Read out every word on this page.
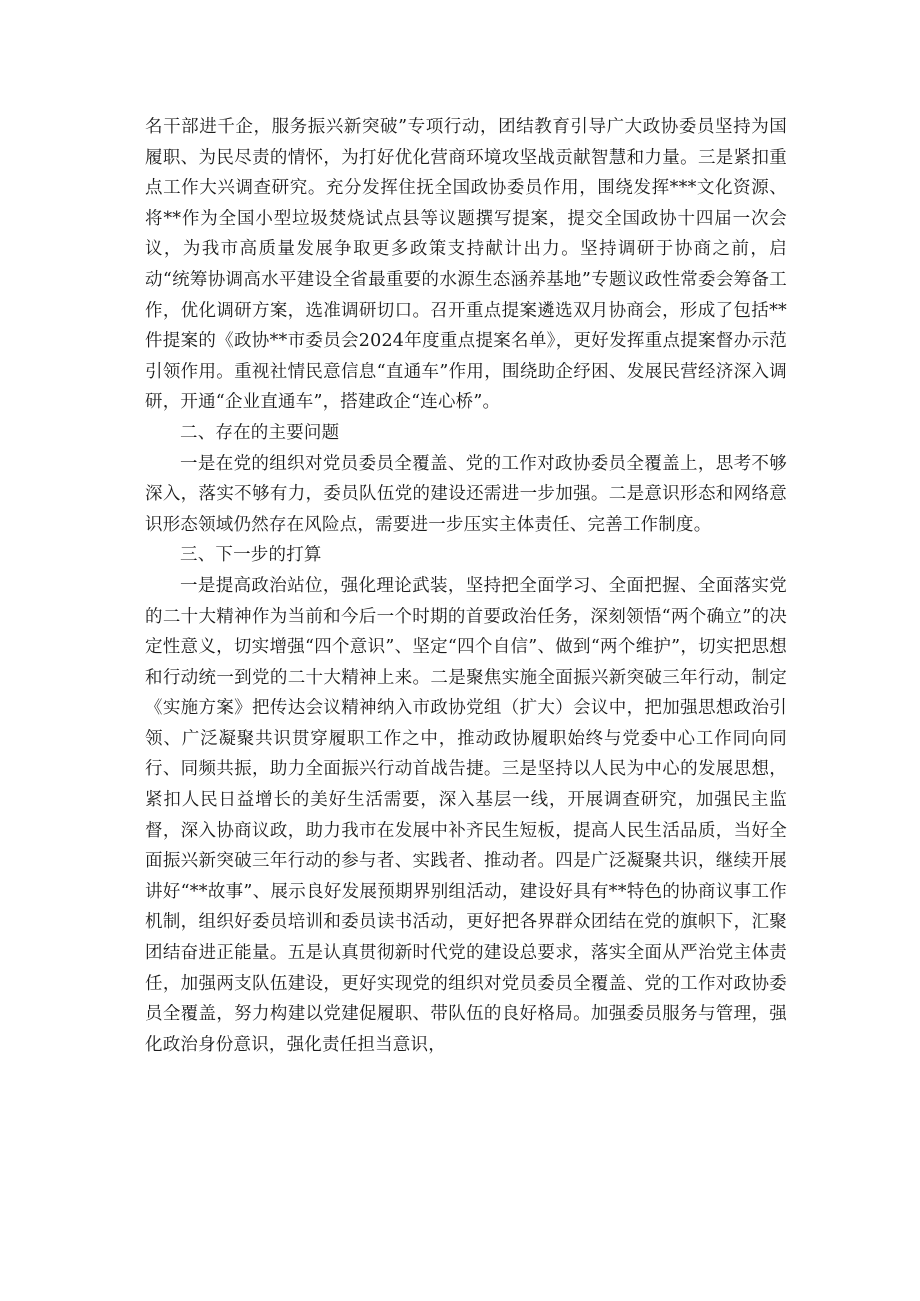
名干部进千企，服务振兴新突破”专项行动，团结教育引导广大政协委员坚持为国履职、为民尽责的情怀，为打好优化营商环境攻坚战贡献智慧和力量。三是紧扣重点工作大兴调查研究。充分发挥住抚全国政协委员作用，围绕发挥***文化资源、将**作为全国小型垃圾焚烧试点县等议题撰写提案，提交全国政协十四届一次会议，为我市高质量发展争取更多政策支持献计出力。坚持调研于协商之前，启动“统筹协调高水平建设全省最重要的水源生态涵养基地”专题议政性常委会筹备工作，优化调研方案，选准调研切口。召开重点提案遴选双月协商会，形成了包括**件提案的《政协**市委员会2024年度重点提案名单》，更好发挥重点提案督办示范引领作用。重视社情民意信息“直通车”作用，围绕助企纾困、发展民营经济深入调研，开通“企业直通车”，搭建政企“连心桥”。

二、存在的主要问题

一是在党的组织对党员委员全覆盖、党的工作对政协委员全覆盖上，思考不够深入，落实不够有力，委员队伍党的建设还需进一步加强。二是意识形态和网络意识形态领域仍然存在风险点，需要进一步压实主体责任、完善工作制度。

三、下一步的打算

一是提高政治站位，强化理论武装，坚持把全面学习、全面把握、全面落实党的二十大精神作为当前和今后一个时期的首要政治任务，深刻领悟“两个确立”的决定性意义，切实增强“四个意识”、坚定“四个自信”、做到“两个维护”，切实把思想和行动统一到党的二十大精神上来。二是聚焦实施全面振兴新突破三年行动，制定《实施方案》把传达会议精神纳入市政协党组（扩大）会议中，把加强思想政治引领、广泛凝聚共识贯穿履职工作之中，推动政协履职始终与党委中心工作同向同行、同频共振，助力全面振兴行动首战告捷。三是坚持以人民为中心的发展思想，紧扣人民日益增长的美好生活需要，深入基层一线，开展调查研究，加强民主监督，深入协商议政，助力我市在发展中补齐民生短板，提高人民生活品质，当好全面振兴新突破三年行动的参与者、实践者、推动者。四是广泛凝聚共识，继续开展讲好“**故事”、展示良好发展预期界别组活动，建设好具有**特色的协商议事工作机制，组织好委员培训和委员读书活动，更好把各界群众团结在党的旗帜下，汇聚团结奋进正能量。五是认真贯彻新时代党的建设总要求，落实全面从严治党主体责任，加强两支队伍建设，更好实现党的组织对党员委员全覆盖、党的工作对政协委员全覆盖，努力构建以党建促履职、带队伍的良好格局。加强委员服务与管理，强化政治身份意识，强化责任担当意识，
